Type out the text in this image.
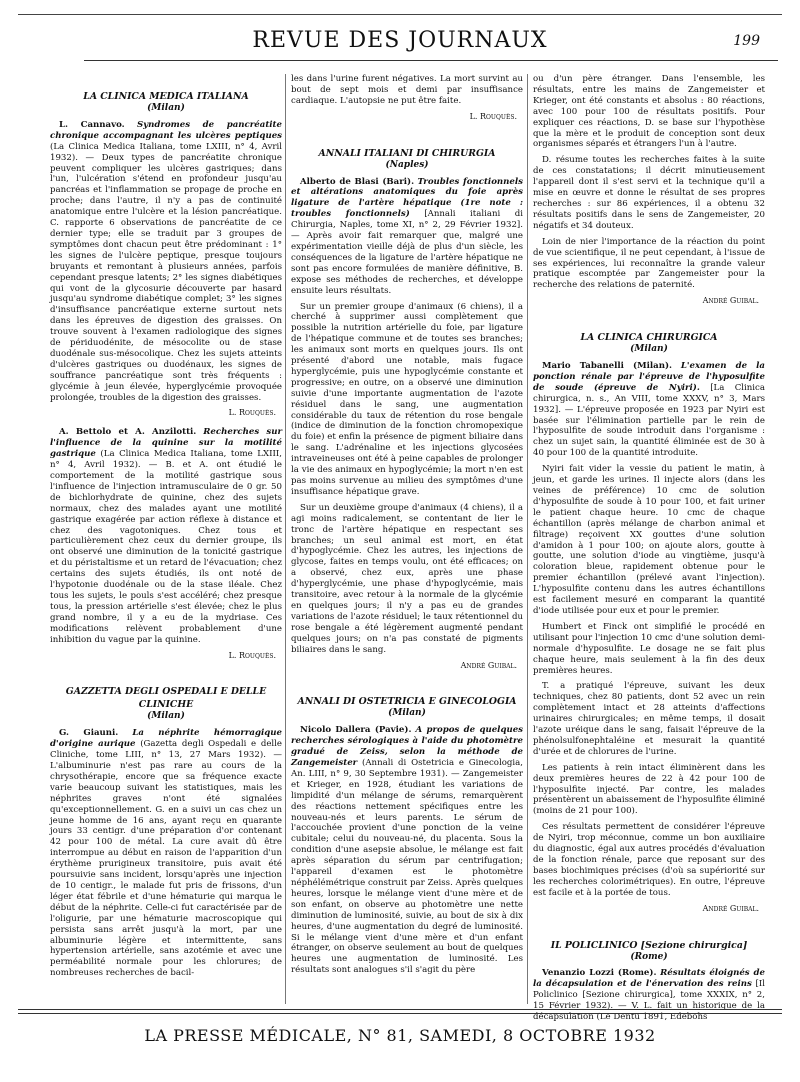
REVUE DES JOURNAUX	199
LA CLINICA MEDICA ITALIANA
(Milan)

L. Cannavo. Syndromes de pancréatite chronique accompagnant les ulcères peptiques (La Clinica Medica Italiana, tome LXIII, n° 4, Avril 1932). — Deux types de pancréatite chronique peuvent compliquer les ulcères gastriques; dans l'un, l'ulcération s'étend en profondeur jusqu'au pancréas et l'inflammation se propage de proche en proche; dans l'autre, il n'y a pas de continuité anatomique entre l'ulcère et la lésion pancréatique. C. rapporte 6 observations de pancréatite de ce dernier type; elle se traduit par 3 groupes de symptômes dont chacun peut être prédominant : 1° les signes de l'ulcère peptique, presque toujours bruyants et remontant à plusieurs années, parfois cependant presque latents; 2° les signes diabétiques qui vont de la glycosurie découverte par hasard jusqu'au syndrome diabétique complet; 3° les signes d'insuffisance pancréatique externe surtout nets dans les épreuves de digestion des graisses. On trouve souvent à l'examen radiologique des signes de périduodénite, de mésocolite ou de stase duodénale sus-mésocolique. Chez les sujets atteints d'ulcères gastriques ou duodénaux, les signes de souffrance pancréatique sont très fréquents : glycémie à jeun élevée, hyperglycémie provoquée prolongée, troubles de la digestion des graisses.

L. Rouquès.

A. Bettolo et A. Anzilotti. Recherches sur l'influence de la quinine sur la motilité gastrique (La Clinica Medica Italiana, tome LXIII, n° 4, Avril 1932). — B. et A. ont étudié le comportement de la motilité gastrique sous l'influence de l'injection intramusculaire de 0 gr. 50 de bichlorhydrate de quinine, chez des sujets normaux, chez des malades ayant une motilité gastrique exagérée par action réflexe à distance et chez des vagotoniques. Chez tous et particulièrement chez ceux du dernier groupe, ils ont observé une diminution de la tonicité gastrique et du péristaltisme et un retard de l'évacuation; chez certains des sujets étudiés, ils ont noté de l'hypotonie duodénale ou de la stase iléale. Chez tous les sujets, le pouls s'est accéléré; chez presque tous, la pression artérielle s'est élevée; chez le plus grand nombre, il y a eu de la mydriase. Ces modifications relèvent probablement d'une inhibition du vague par la quinine.

L. Rouquès.
GAZZETTA DEGLI OSPEDALI E DELLE CLINICHE
(Milan)

G. Giauni. La néphrite hémorragique d'origine aurique (Gazetta degli Ospedali e delle Cliniche, tome LIII, n° 13, 27 Mars 1932). — L'albuminurie n'est pas rare au cours de la chrysothérapie, encore que sa fréquence exacte varie beaucoup suivant les statistiques, mais les néphrites graves n'ont été signalées qu'exceptionnellement. G. en a suivi un cas chez un jeune homme de 16 ans, ayant reçu en quarante jours 33 centigr. d'une préparation d'or contenant 42 pour 100 de métal. La cure avait dû être interrompue au début en raison de l'apparition d'un érythème prurigineux transitoire, puis avait été poursuivie sans incident, lorsqu'après une injection de 10 centigr., le malade fut pris de frissons, d'un léger état fébrile et d'une hématurie qui marqua le début de la néphrite. Celle-ci fut caractérisée par de l'oligurie, par une hématurie macroscopique qui persista sans arrêt jusqu'à la mort, par une albuminurie légère et intermittente, sans hypertension artérielle, sans azotémie et avec une perméabilité normale pour les chlorures; de nombreuses recherches de bacil-

les dans l'urine furent négatives. La mort survint au bout de sept mois et demi par insuffisance cardiaque. L'autopsie ne put être faite.

L. Rouquès.
ANNALI ITALIANI DI CHIRURGIA
(Naples)

Alberto de Blasi (Bari). Troubles fonctionnels et altérations anatomiques du foie après ligature de l'artère hépatique (1re note : troubles fonctionnels) [Annali italiani di Chirurgia, Naples, tome XI, n° 2, 29 Février 1932]. — Après avoir fait remarquer que, malgré une expérimentation vieille déjà de plus d'un siècle, les conséquences de la ligature de l'artère hépatique ne sont pas encore formulées de manière définitive, B. expose ses méthodes de recherches, et développe ensuite leurs résultats.

Sur un premier groupe d'animaux (6 chiens), il a cherché à supprimer aussi complètement que possible la nutrition artérielle du foie, par ligature de l'hépatique commune et de toutes ses branches; les animaux sont morts en quelques jours. Ils ont présenté d'abord une notable, mais fugace hyperglycémie, puis une hypoglycémie constante et progressive; en outre, on a observé une diminution suivie d'une importante augmentation de l'azote résiduel dans le sang, une augmentation considérable du taux de rétention du rose bengale (indice de diminution de la fonction chromopexique du foie) et enfin la présence de pigment biliaire dans le sang. L'adrénaline et les injections glycosées intraveineuses ont été à peine capables de prolonger la vie des animaux en hypoglycémie; la mort n'en est pas moins survenue au milieu des symptômes d'une insuffisance hépatique grave.

Sur un deuxième groupe d'animaux (4 chiens), il a agi moins radicalement, se contentant de lier le tronc de l'artère hépatique en respectant ses branches; un seul animal est mort, en état d'hypoglycémie. Chez les autres, les injections de glycose, faites en temps voulu, ont été efficaces; on a observé, chez eux, après une phase d'hyperglycémie, une phase d'hypoglycémie, mais transitoire, avec retour à la normale de la glycémie en quelques jours; il n'y a pas eu de grandes variations de l'azote résiduel; le taux rétentionnel du rose bengale a été légèrement augmenté pendant quelques jours; on n'a pas constaté de pigments biliaires dans le sang.

André Guibal.
ANNALI DI OSTETRICIA E GINECOLOGIA
(Milan)

Nicolo Dallera (Pavie). A propos de quelques recherches sérologiques à l'aide du photomètre gradué de Zeiss, selon la méthode de Zangemeister (Annali di Ostetricia e Ginecologia, An. LIII, n° 9, 30 Septembre 1931). — Zangemeister et Krieger, en 1928, étudiant les variations de limpidité d'un mélange de sérums, remarquèrent des réactions nettement spécifiques entre les nouveau-nés et leurs parents. Le sérum de l'accouchée provient d'une ponction de la veine cubitale; celui du nouveau-né, du placenta. Sous la condition d'une asepsie absolue, le mélange est fait après séparation du sérum par centrifugation; l'appareil d'examen est le photomètre néphélémétrique construit par Zeiss. Après quelques heures, lorsque le mélange vient d'une mère et de son enfant, on observe au photomètre une nette diminution de luminosité, suivie, au bout de six à dix heures, d'une augmentation du degré de luminosité. Si le mélange vient d'une mère et d'un enfant étranger, on observe seulement au bout de quelques heures une augmentation de luminosité. Les résultats sont analogues s'il s'agit du père

ou d'un père étranger. Dans l'ensemble, les résultats, entre les mains de Zangemeister et Krieger, ont été constants et absolus : 80 réactions, avec 100 pour 100 de résultats positifs. Pour expliquer ces réactions, D. se base sur l'hypothèse que la mère et le produit de conception sont deux organismes séparés et étrangers l'un à l'autre.

D. résume toutes les recherches faites à la suite de ces constatations; il décrit minutieusement l'appareil dont il s'est servi et la technique qu'il a mise en œuvre et donne le résultat de ses propres recherches : sur 86 expériences, il a obtenu 32 résultats positifs dans le sens de Zangemeister, 20 négatifs et 34 douteux.

Loin de nier l'importance de la réaction du point de vue scientifique, il ne peut cependant, à l'issue de ses expériences, lui reconnaître la grande valeur pratique escomptée par Zangemeister pour la recherche des relations de paternité.

André Guibal.
LA CLINICA CHIRURGICA
(Milan)

Mario Tabanelli (Milan). L'examen de la ponction rénale par l'épreuve de l'hyposulfite de soude (épreuve de Nyiri). [La Clinica chirurgica, n. s., An VIII, tome XXXV, n° 3, Mars 1932]. — L'épreuve proposée en 1923 par Nyiri est basée sur l'élimination partielle par le rein de l'hyposulfite de soude introduit dans l'organisme : chez un sujet sain, la quantité éliminée est de 30 à 40 pour 100 de la quantité introduite.

Nyiri fait vider la vessie du patient le matin, à jeun, et garde les urines. Il injecte alors (dans les veines de préférence) 10 cmc de solution d'hyposulfite de soude à 10 pour 100, et fait uriner le patient chaque heure. 10 cmc de chaque échantillon (après mélange de charbon animal et filtrage) reçoivent XX gouttes d'une solution d'amidon à 1 pour 100; on ajoute alors, goutte à goutte, une solution d'iode au vingtième, jusqu'à coloration bleue, rapidement obtenue pour le premier échantillon (prélevé avant l'injection). L'hyposulfite contenu dans les autres échantillons est facilement mesuré en comparant la quantité d'iode utilisée pour eux et pour le premier.

Humbert et Finck ont simplifié le procédé en utilisant pour l'injection 10 cmc d'une solution demi-normale d'hyposulfite. Le dosage ne se fait plus chaque heure, mais seulement à la fin des deux premières heures.

T. a pratiqué l'épreuve, suivant les deux techniques, chez 80 patients, dont 52 avec un rein complètement intact et 28 atteints d'affections urinaires chirurgicales; en même temps, il dosait l'azote uréique dans le sang, faisait l'épreuve de la phénolsulfonephtaléine et mesurait la quantité d'urée et de chlorures de l'urine.

Les patients à rein intact éliminèrent dans les deux premières heures de 22 à 42 pour 100 de l'hyposulfite injecté. Par contre, les malades présentèrent un abaissement de l'hyposulfite éliminé (moins de 21 pour 100).

Ces résultats permettent de considérer l'épreuve de Nyiri, trop méconnue, comme un bon auxiliaire du diagnostic, égal aux autres procédés d'évaluation de la fonction rénale, parce que reposant sur des bases biochimiques précises (d'où sa supériorité sur les recherches colorimétriques). En outre, l'épreuve est facile et à la portée de tous.

André Guibal.
IL POLICLINICO [Sezione chirurgica]
(Rome)

Venanzio Lozzi (Rome). Résultats éloignés de la décapsulation et de l'énervation des reins [Il Policlinico [Sezione chirurgica], tome XXXIX, n° 2, 15 Février 1932). — V. L. fait un historique de la décapsulation (Le Dentu 1891, Edebohs

LA PRESSE MÉDICALE, N° 81, SAMEDI, 8 OCTOBRE 1932
